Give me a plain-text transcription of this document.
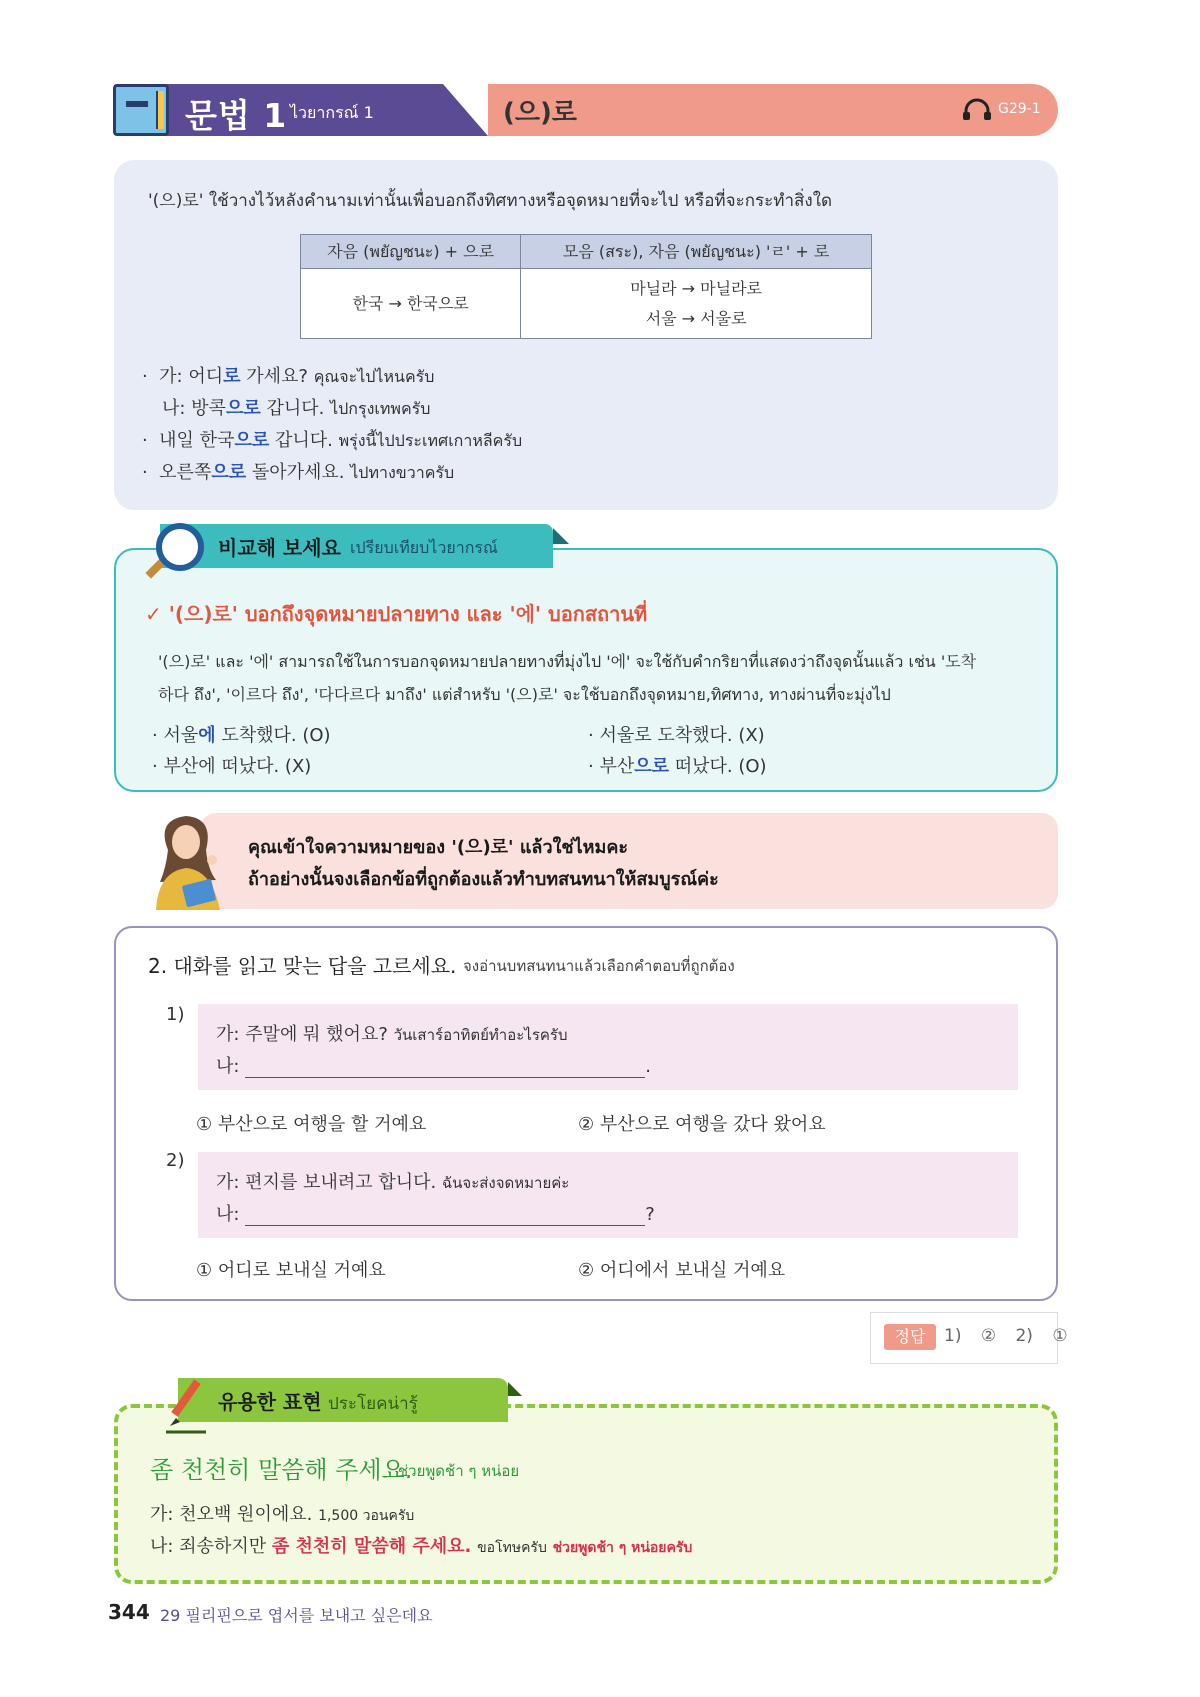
문법 1 ไวยากรณ์ 1	(으)로	G29-1
'(으)로' ใช้วางไว้หลังคำนามเท่านั้นเพื่อบอกถึงทิศทางหรือจุดหมายที่จะไป หรือที่จะกระทำสิ่งใด
자음 (พยัญชนะ) + 으로	모음 (สระ), 자음 (พยัญชนะ) 'ㄹ' + 로
한국 → 한국으로	마닐라 → 마닐라로
서울 → 서울로
·  가: 어디로 가세요? คุณจะไปไหนครับ
나: 방콕으로 갑니다. ไปกรุงเทพครับ
·  내일 한국으로 갑니다. พรุ่งนี้ไปประเทศเกาหลีครับ
·  오른쪽으로 돌아가세요. ไปทางขวาครับ
비교해 보세요 เปรียบเทียบไวยากรณ์
✓ '(으)로' บอกถึงจุดหมายปลายทาง และ '에' บอกสถานที่
'(으)로' และ '에' สามารถใช้ในการบอกจุดหมายปลายทางที่มุ่งไป '에' จะใช้กับคำกริยาที่แสดงว่าถึงจุดนั้นแล้ว เช่น '도착
하다 ถึง', '이르다 ถึง', '다다르다 มาถึง' แต่สำหรับ '(으)로' จะใช้บอกถึงจุดหมาย,ทิศทาง, ทางผ่านที่จะมุ่งไป
· 서울에 도착했다. (O)	· 서울로 도착했다. (X)
· 부산에 떠났다. (X)	· 부산으로 떠났다. (O)
คุณเข้าใจความหมายของ '(으)로' แล้วใช่ไหมคะ
ถ้าอย่างนั้นจงเลือกข้อที่ถูกต้องแล้วทำบทสนทนาให้สมบูรณ์ค่ะ
2. 대화를 읽고 맞는 답을 고르세요. จงอ่านบทสนทนาแล้วเลือกคำตอบที่ถูกต้อง
1)
가: 주말에 뭐 했어요? วันเสาร์อาทิตย์ทำอะไรครับ
나:	.
① 부산으로 여행을 할 거예요	② 부산으로 여행을 갔다 왔어요
2)
가: 편지를 보내려고 합니다. ฉันจะส่งจดหมายค่ะ
나:	?
① 어디로 보내실 거예요	② 어디에서 보내실 거예요
정답	1) ② 2) ①
유용한 표현 ประโยคน่ารู้
좀 천천히 말씀해 주세요.
ช่วยพูดช้า ๆ หน่อย
가: 천오백 원이에요. 1,500 วอนครับ
나: 죄송하지만 좀 천천히 말씀해 주세요. ขอโทษครับ ช่วยพูดช้า ๆ หน่อยครับ
344 29 필리핀으로 엽서를 보내고 싶은데요
